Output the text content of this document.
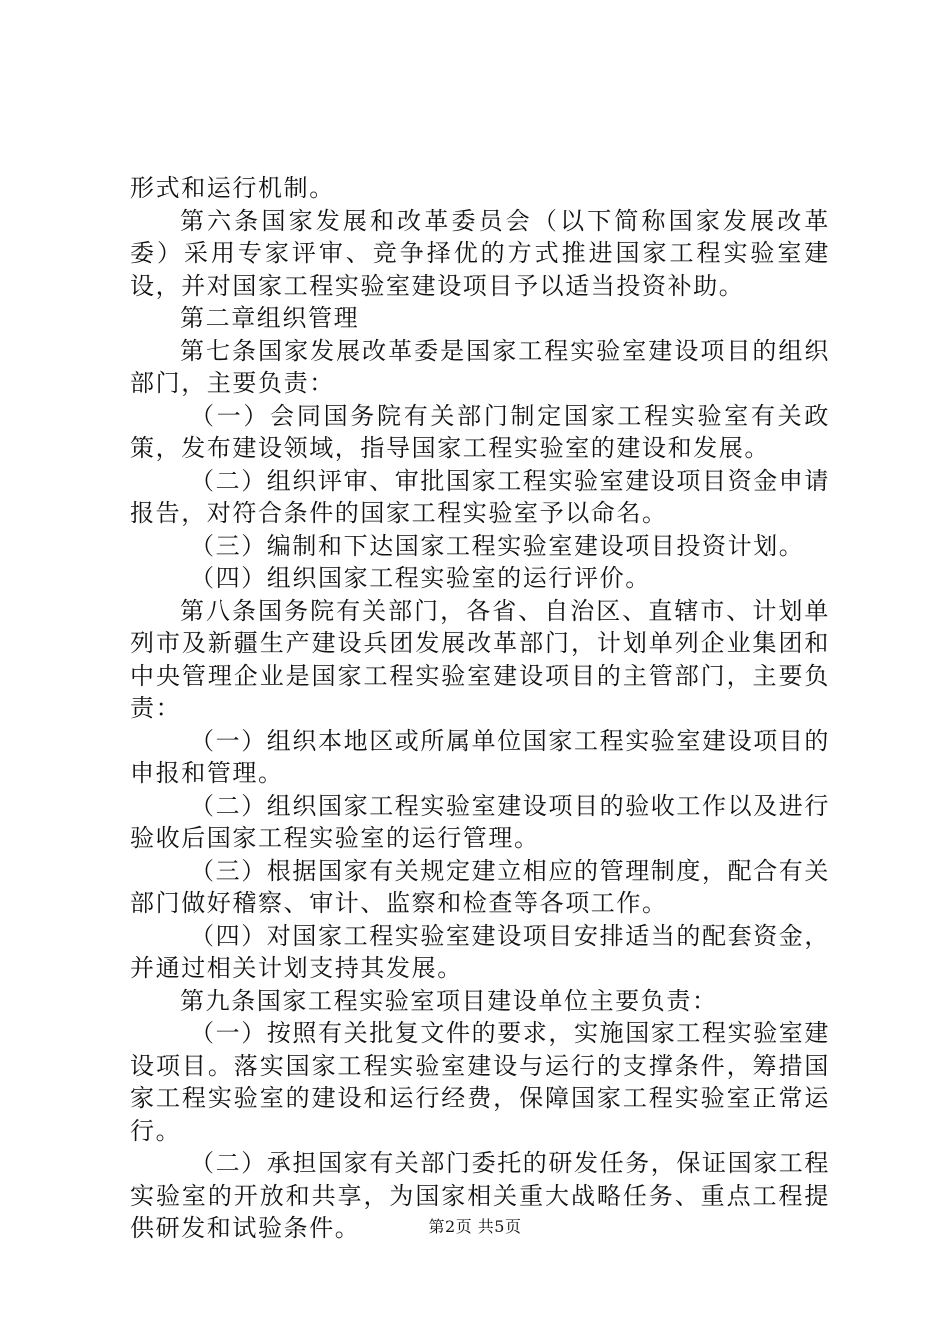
形式和运行机制。

第六条国家发展和改革委员会（以下简称国家发展改革委）采用专家评审、竞争择优的方式推进国家工程实验室建设，并对国家工程实验室建设项目予以适当投资补助。

第二章组织管理

第七条国家发展改革委是国家工程实验室建设项目的组织部门，主要负责：

（一）会同国务院有关部门制定国家工程实验室有关政策，发布建设领域，指导国家工程实验室的建设和发展。

（二）组织评审、审批国家工程实验室建设项目资金申请报告，对符合条件的国家工程实验室予以命名。

（三）编制和下达国家工程实验室建设项目投资计划。

（四）组织国家工程实验室的运行评价。

第八条国务院有关部门，各省、自治区、直辖市、计划单列市及新疆生产建设兵团发展改革部门，计划单列企业集团和中央管理企业是国家工程实验室建设项目的主管部门，主要负责：

（一）组织本地区或所属单位国家工程实验室建设项目的申报和管理。

（二）组织国家工程实验室建设项目的验收工作以及进行验收后国家工程实验室的运行管理。

（三）根据国家有关规定建立相应的管理制度，配合有关部门做好稽察、审计、监察和检查等各项工作。

（四）对国家工程实验室建设项目安排适当的配套资金，并通过相关计划支持其发展。

第九条国家工程实验室项目建设单位主要负责：

（一）按照有关批复文件的要求，实施国家工程实验室建设项目。落实国家工程实验室建设与运行的支撑条件，筹措国家工程实验室的建设和运行经费，保障国家工程实验室正常运行。

（二）承担国家有关部门委托的研发任务，保证国家工程实验室的开放和共享，为国家相关重大战略任务、重点工程提供研发和试验条件。	第2页 共5页
